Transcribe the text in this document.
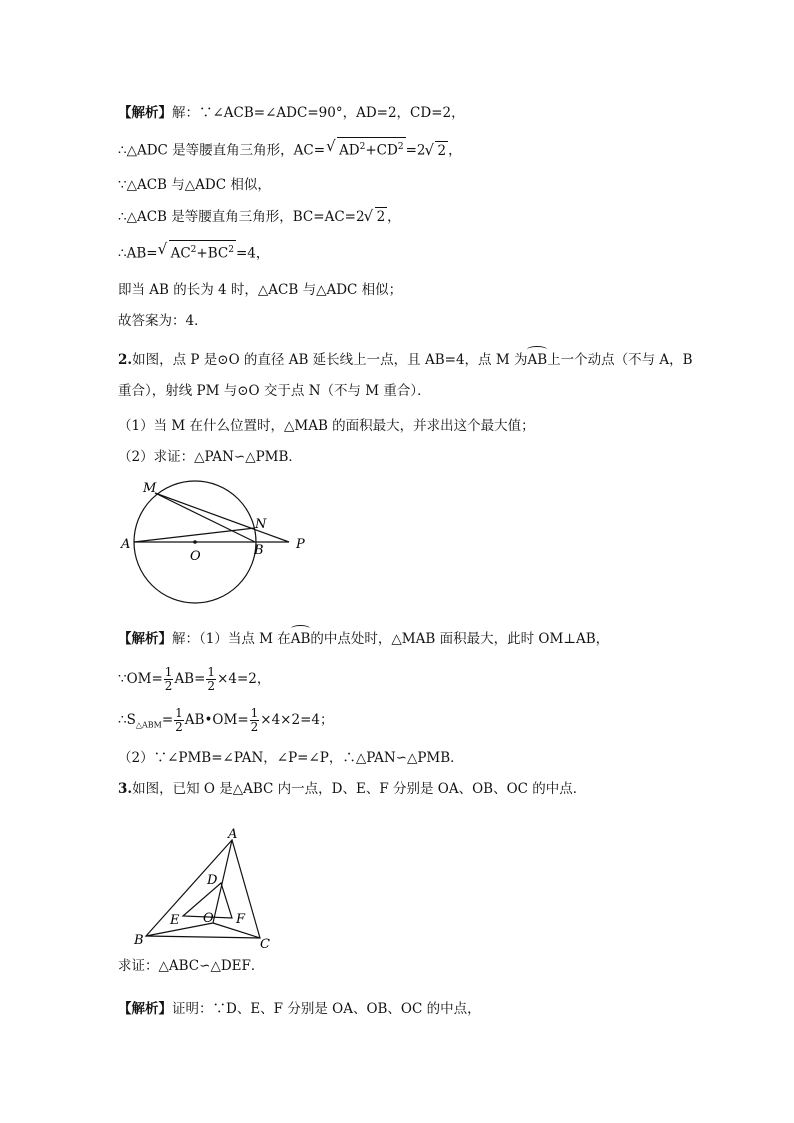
【解析】解：∵∠ACB=∠ADC=90°，AD=2，CD=2，
∴△ADC 是等腰直角三角形，AC= √ $AD^2+CD^2 =2$ √ 2 ，
∵△ACB 与△ADC 相似，
∴△ACB 是等腰直角三角形，BC=AC=2 √ 2 ，
∴AB= √ $AC^2+BC^2 =4$，
即当 AB 的长为 4 时，△ACB 与△ADC 相似；
故答案为：4．
2.如图，点 P 是⊙O 的直径 AB 延长线上一点，且 AB=4，点 M 为AB上一个动点（不与 A，B
重合），射线 PM 与⊙O 交于点 N（不与 M 重合）．
（1）当 M 在什么位置时，△MAB 的面积最大，并求出这个最大值；
（2）求证：△PAN∽△PMB．
M
N
A
O	B P
【解析】解：（1）当点 M 在AB的中点处时，△MAB 面积最大，此时 OM⊥AB，
∵OM= $\frac{1}{2} AB= \frac{1}{2} \times 4=2$，
$\therefore S_{\triangle ABM}= \frac{1}{2}$ AB•OM= $\frac{1}{2} \times 4\times 2=4$；
（2）∵∠PMB=∠PAN，∠P=∠P，∴△PAN∽△PMB．
3.如图，已知 O 是△ABC 内一点，D、E、F 分别是 OA、OB、OC 的中点．
A
D
E O F
B	C
求证：△ABC∽△DEF．
【解析】证明：∵D、E、F 分别是 OA、OB、OC 的中点，
